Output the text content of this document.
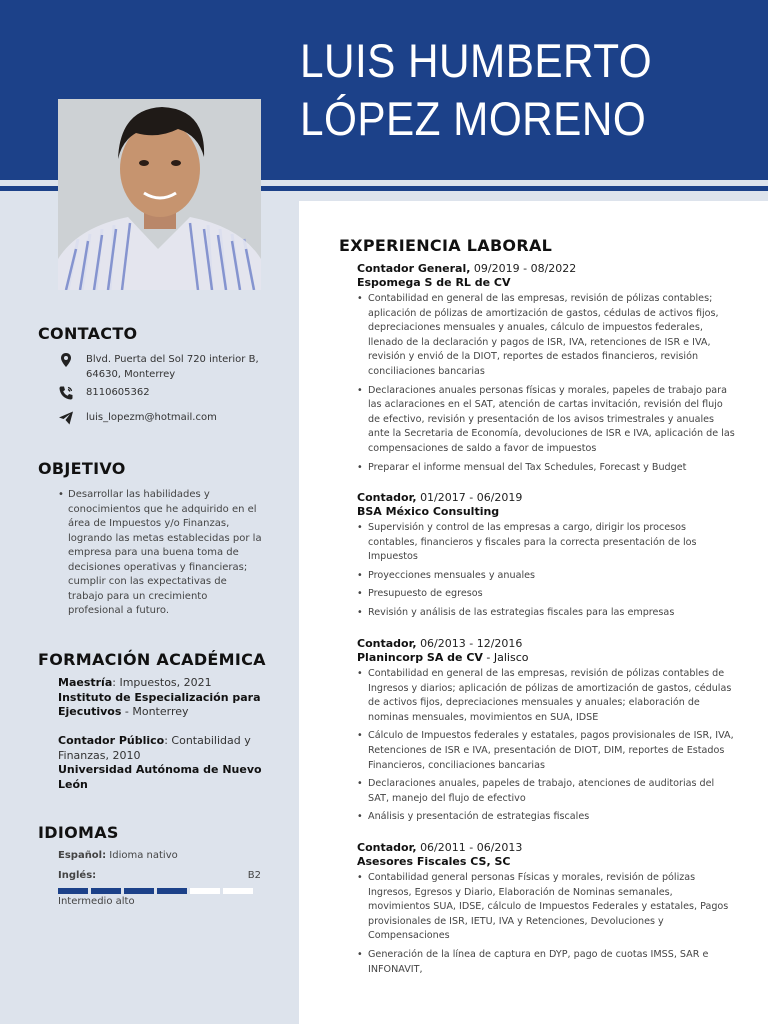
LUIS HUMBERTO
LÓPEZ MORENO
CONTACTO
Blvd. Puerta del Sol 720 interior B,
64630, Monterrey
8110605362
luis_lopezm@hotmail.com
OBJETIVO
• Desarrollar las habilidades y conocimientos que he adquirido en el área de Impuestos y/o Finanzas, logrando las metas establecidas por la empresa para una buena toma de decisiones operativas y financieras; cumplir con las expectativas de trabajo para un crecimiento profesional a futuro.
FORMACIÓN ACADÉMICA
Maestría: Impuestos, 2021
Instituto de Especialización para Ejecutivos - Monterrey
Contador Público: Contabilidad y Finanzas, 2010
Universidad Autónoma de Nuevo León
IDIOMAS
Español: Idioma nativo
Inglés:	B2
Intermedio alto
EXPERIENCIA LABORAL
Contador General, 09/2019 - 08/2022
Espomega S de RL de CV
• Contabilidad en general de las empresas, revisión de pólizas contables; aplicación de pólizas de amortización de gastos, cédulas de activos fijos, depreciaciones mensuales y anuales, cálculo de impuestos federales, llenado de la declaración y pagos de ISR, IVA, retenciones de ISR e IVA, revisión y envió de la DIOT, reportes de estados financieros, revisión conciliaciones bancarias
• Declaraciones anuales personas físicas y morales, papeles de trabajo para las aclaraciones en el SAT, atención de cartas invitación, revisión del flujo de efectivo, revisión y presentación de los avisos trimestrales y anuales ante la Secretaria de Economía, devoluciones de ISR e IVA, aplicación de las compensaciones de saldo a favor de impuestos
• Preparar el informe mensual del Tax Schedules, Forecast y Budget
Contador, 01/2017 - 06/2019
BSA México Consulting
• Supervisión y control de las empresas a cargo, dirigir los procesos contables, financieros y fiscales para la correcta presentación de los Impuestos
• Proyecciones mensuales y anuales
• Presupuesto de egresos
• Revisión y análisis de las estrategias fiscales para las empresas
Contador, 06/2013 - 12/2016
Planincorp SA de CV - Jalisco
• Contabilidad en general de las empresas, revisión de pólizas contables de Ingresos y diarios; aplicación de pólizas de amortización de gastos, cédulas de activos fijos, depreciaciones mensuales y anuales; elaboración de nominas mensuales, movimientos en SUA, IDSE
• Cálculo de Impuestos federales y estatales, pagos provisionales de ISR, IVA, Retenciones de ISR e IVA, presentación de DIOT, DIM, reportes de Estados Financieros, conciliaciones bancarias
• Declaraciones anuales, papeles de trabajo, atenciones de auditorias del SAT, manejo del flujo de efectivo
• Análisis y presentación de estrategias fiscales
Contador, 06/2011 - 06/2013
Asesores Fiscales CS, SC
• Contabilidad general personas Físicas y morales, revisión de pólizas Ingresos, Egresos y Diario, Elaboración de Nominas semanales, movimientos SUA, IDSE, cálculo de Impuestos Federales y estatales, Pagos provisionales de ISR, IETU, IVA y Retenciones, Devoluciones y Compensaciones
• Generación de la línea de captura en DYP, pago de cuotas IMSS, SAR e INFONAVIT,
